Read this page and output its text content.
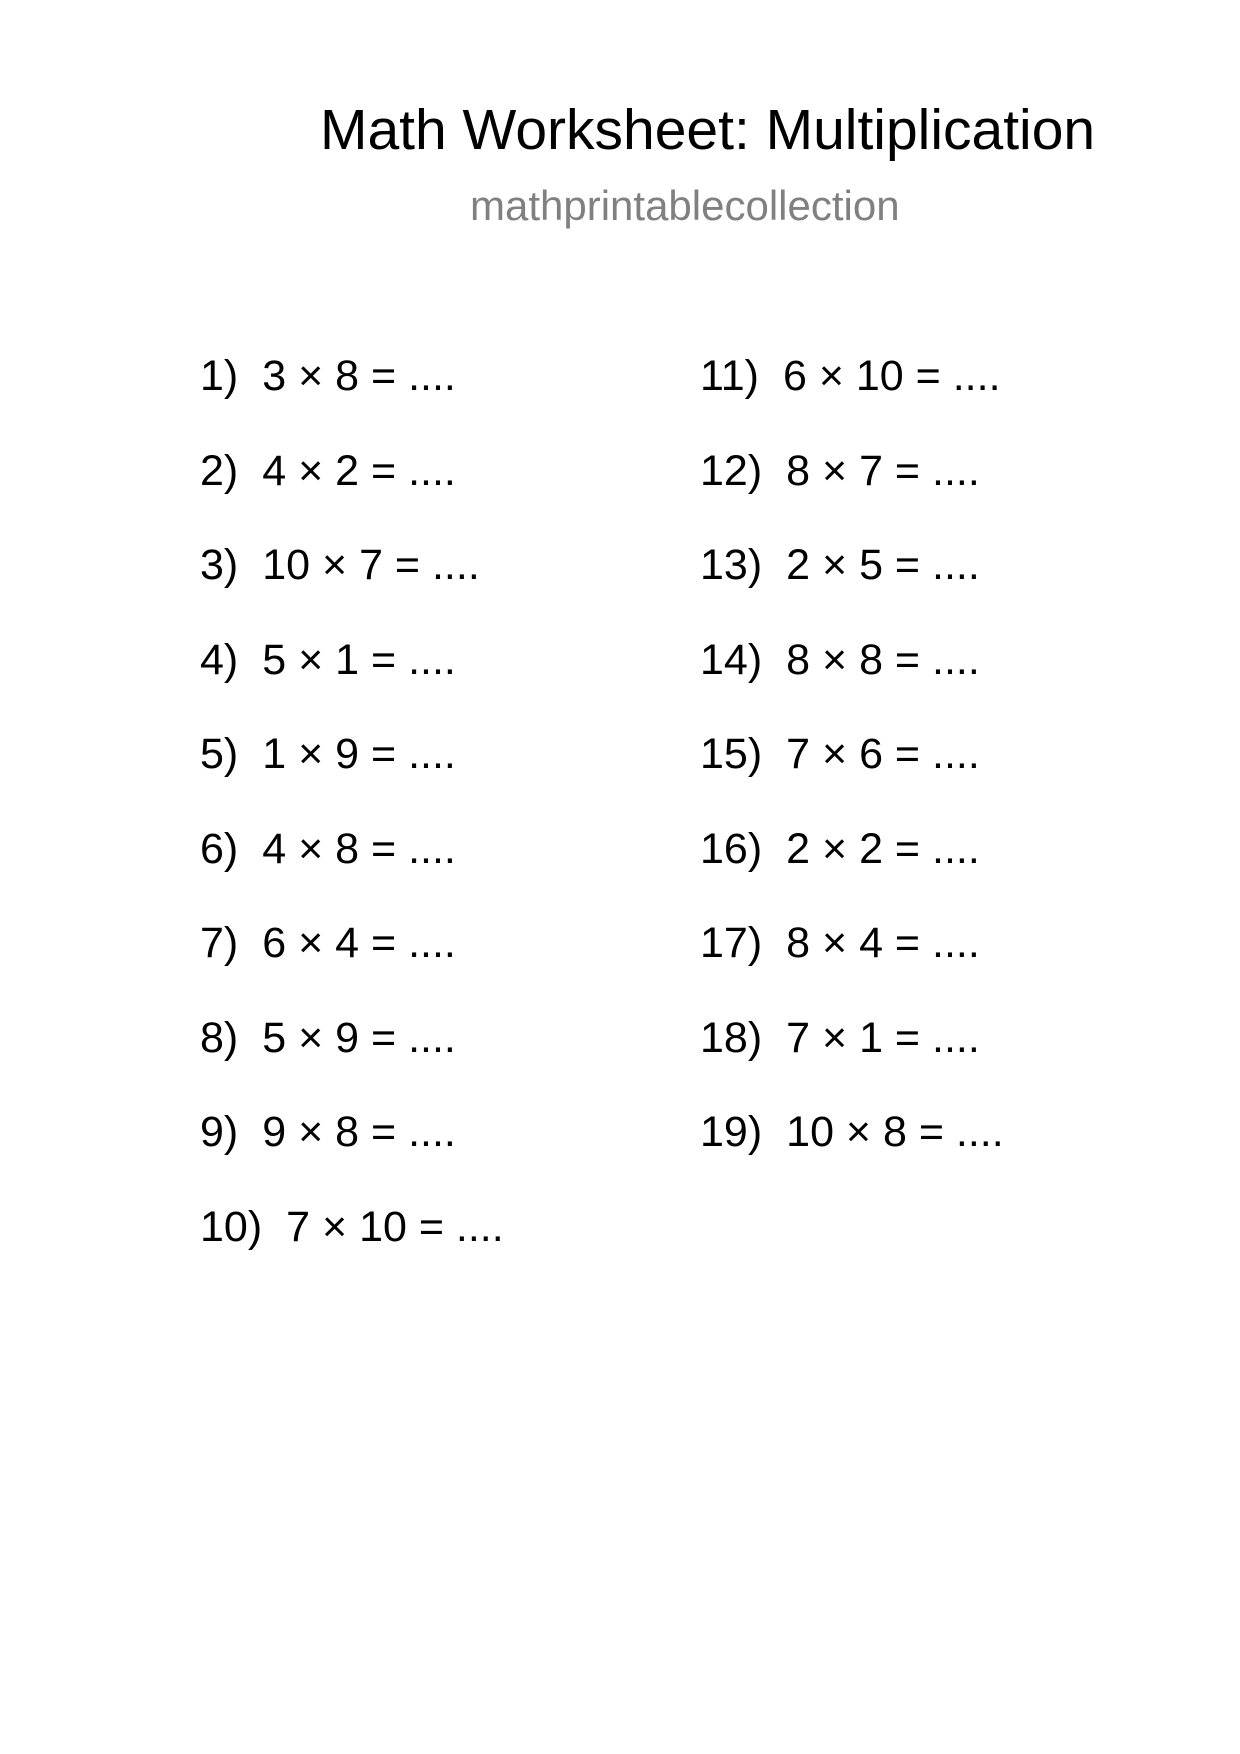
Math Worksheet: Multiplication
mathprintablecollection
1) 3 × 8 = ....
2) 4 × 2 = ....
3) 10 × 7 = ....
4) 5 × 1 = ....
5) 1 × 9 = ....
6) 4 × 8 = ....
7) 6 × 4 = ....
8) 5 × 9 = ....
9) 9 × 8 = ....
10) 7 × 10 = ....
11) 6 × 10 = ....
12) 8 × 7 = ....
13) 2 × 5 = ....
14) 8 × 8 = ....
15) 7 × 6 = ....
16) 2 × 2 = ....
17) 8 × 4 = ....
18) 7 × 1 = ....
19) 10 × 8 = ....
